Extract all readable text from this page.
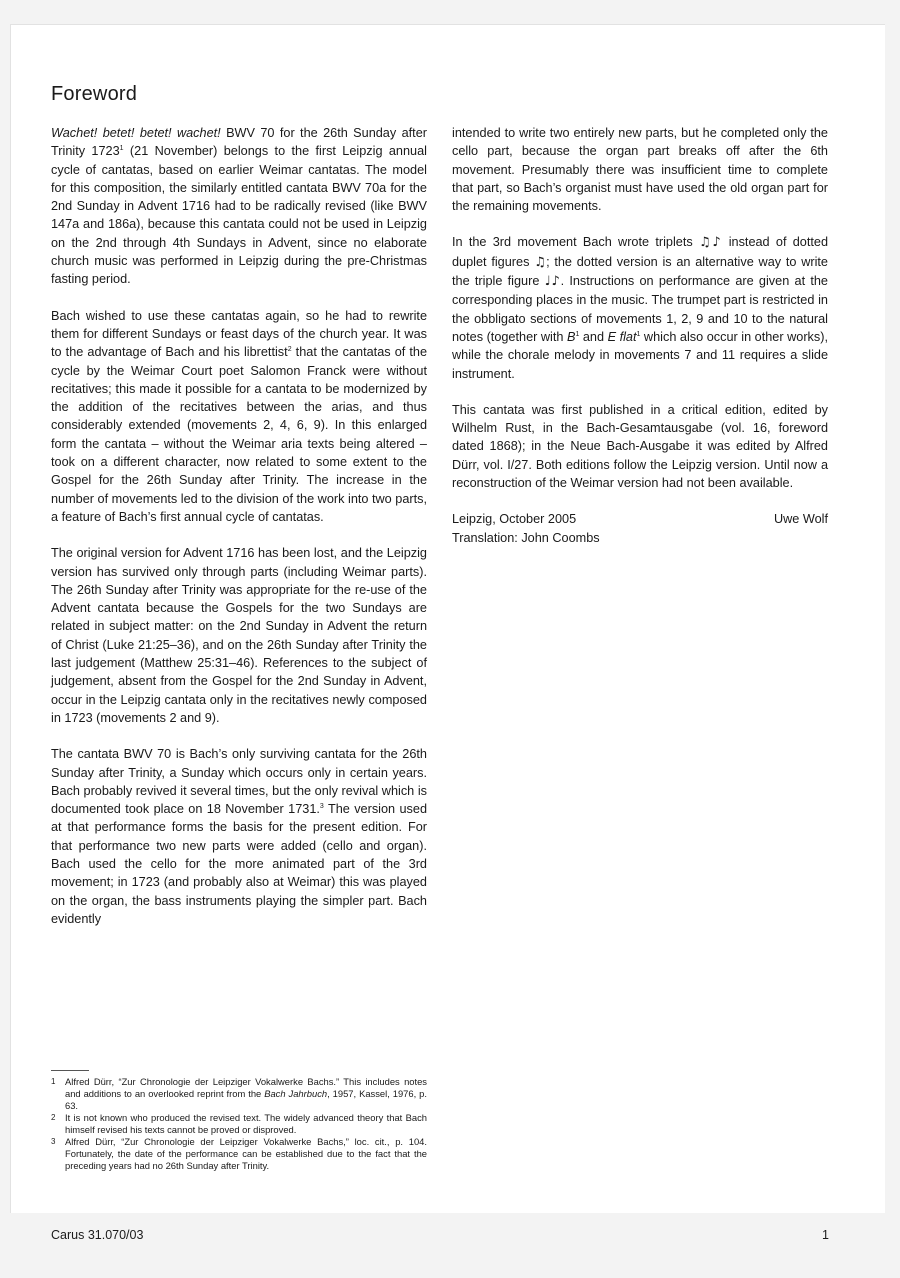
Foreword

Wachet! betet! betet! wachet! BWV 70 for the 26th Sunday after Trinity 1723$^1$ (21 November) belongs to the first Leipzig annual cycle of cantatas, based on earlier Weimar cantatas. The model for this composition, the similarly entitled cantata BWV 70a for the 2nd Sunday in Advent 1716 had to be radically revised (like BWV 147a and 186a), because this cantata could not be used in Leipzig on the 2nd through 4th Sundays in Advent, since no elaborate church music was performed in Leipzig during the pre-Christmas fasting period.

Bach wished to use these cantatas again, so he had to rewrite them for different Sundays or feast days of the church year. It was to the advantage of Bach and his librettist$^2$ that the cantatas of the cycle by the Weimar Court poet Salomon Franck were without recitatives; this made it possible for a cantata to be modernized by the addition of the recitatives between the arias, and thus considerably extended (movements 2, 4, 6, 9). In this enlarged form the cantata – without the Weimar aria texts being altered – took on a different character, now related to some extent to the Gospel for the 26th Sunday after Trinity. The increase in the number of movements led to the division of the work into two parts, a feature of Bach’s first annual cycle of cantatas.

The original version for Advent 1716 has been lost, and the Leipzig version has survived only through parts (including Weimar parts). The 26th Sunday after Trinity was appropriate for the re-use of the Advent cantata because the Gospels for the two Sundays are related in subject matter: on the 2nd Sunday in Advent the return of Christ (Luke 21:25–36), and on the 26th Sunday after Trinity the last judgement (Matthew 25:31–46). References to the subject of judgement, absent from the Gospel for the 2nd Sunday in Advent, occur in the Leipzig cantata only in the recitatives newly composed in 1723 (movements 2 and 9).

The cantata BWV 70 is Bach’s only surviving cantata for the 26th Sunday after Trinity, a Sunday which occurs only in certain years. Bach probably revived it several times, but the only revival which is documented took place on 18 November 1731.$^3$ The version used at that performance forms the basis for the present edition. For that performance two new parts were added (cello and organ). Bach used the cello for the more animated part of the 3rd movement; in 1723 (and probably also at Weimar) this was played on the organ, the bass instruments playing the simpler part. Bach evidently

intended to write two entirely new parts, but he completed only the cello part, because the organ part breaks off after the 6th movement. Presumably there was insufficient time to complete that part, so Bach’s organist must have used the old organ part for the remaining movements.

In the 3rd movement Bach wrote triplets ♫♪ instead of dotted duplet figures ♫; the dotted version is an alternative way to write the triple figure ♩♪. Instructions on performance are given at the corresponding places in the music. The trumpet part is restricted in the obbligato sections of movements 1, 2, 9 and 10 to the natural notes (together with $B^1$ and E flat$^1$ which also occur in other works), while the chorale melody in movements 7 and 11 requires a slide instrument.

This cantata was first published in a critical edition, edited by Wilhelm Rust, in the Bach-Gesamtausgabe (vol. 16, foreword dated 1868); in the Neue Bach-Ausgabe it was edited by Alfred Dürr, vol. I/27. Both editions follow the Leipzig version. Until now a reconstruction of the Weimar version had not been available.

Leipzig, October 2005	Uwe Wolf
Translation: John Coombs
1	Alfred Dürr, “Zur Chronologie der Leipziger Vokalwerke Bachs.” This includes notes and additions to an overlooked reprint from the Bach Jahrbuch, 1957, Kassel, 1976, p. 63.
2	It is not known who produced the revised text. The widely advanced theory that Bach himself revised his texts cannot be proved or disproved.
3	Alfred Dürr, “Zur Chronologie der Leipziger Vokalwerke Bachs,” loc. cit., p. 104. Fortunately, the date of the performance can be established due to the fact that the preceding years had no 26th Sunday after Trinity.
Carus 31.070/03	1
